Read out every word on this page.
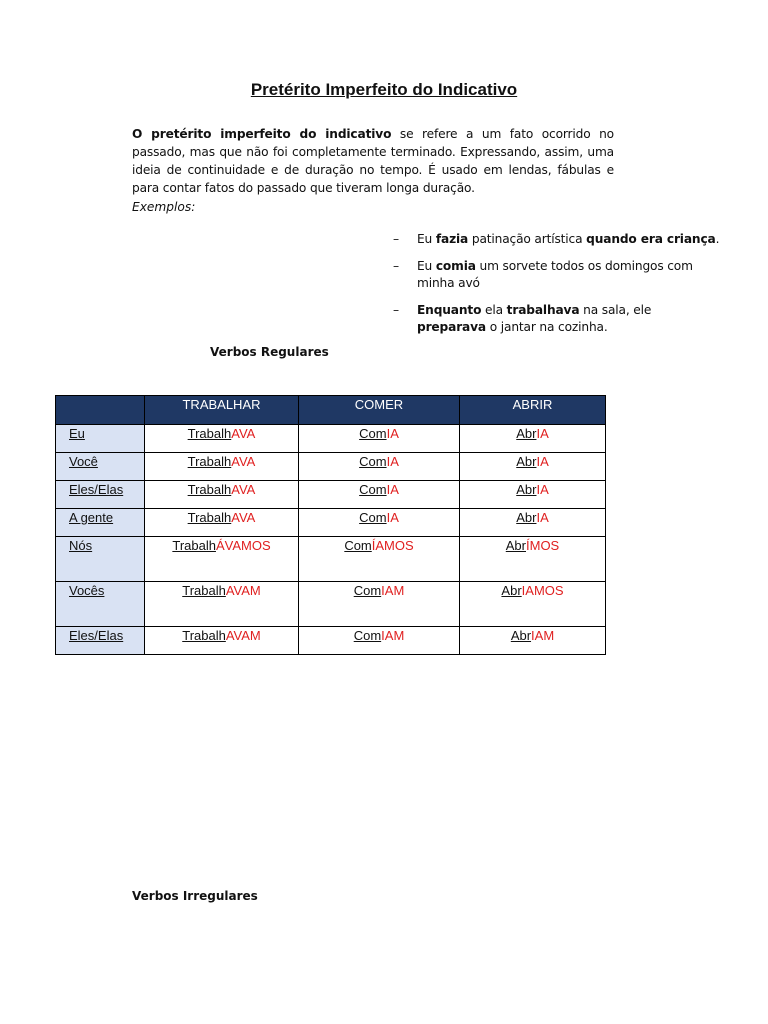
Pretérito Imperfeito do Indicativo
O pretérito imperfeito do indicativo se refere a um fato ocorrido no passado, mas que não foi completamente terminado. Expressando, assim, uma ideia de continuidade e de duração no tempo. É usado em lendas, fábulas e para contar fatos do passado que tiveram longa duração.
Exemplos:
– Eu fazia patinação artística quando era criança.
– Eu comia um sorvete todos os domingos com minha avó
– Enquanto ela trabalhava na sala, ele preparava o jantar na cozinha.
Verbos Regulares
	TRABALHAR	COMER	ABRIR
Eu	TrabalhAVA	ComIA	AbrIA
Você	TrabalhAVA	ComIA	AbrIA
Eles/Elas	TrabalhAVA	ComIA	AbrIA
A gente	TrabalhAVA	ComIA	AbrIA
Nós	TrabalhÁVAMOS	ComÍAMOS	AbrÍMOS
Vocês	TrabalhAVAM	ComIAM	AbrIAMOS
Eles/Elas	TrabalhAVAM	ComIAM	AbrIAM
Verbos Irregulares
